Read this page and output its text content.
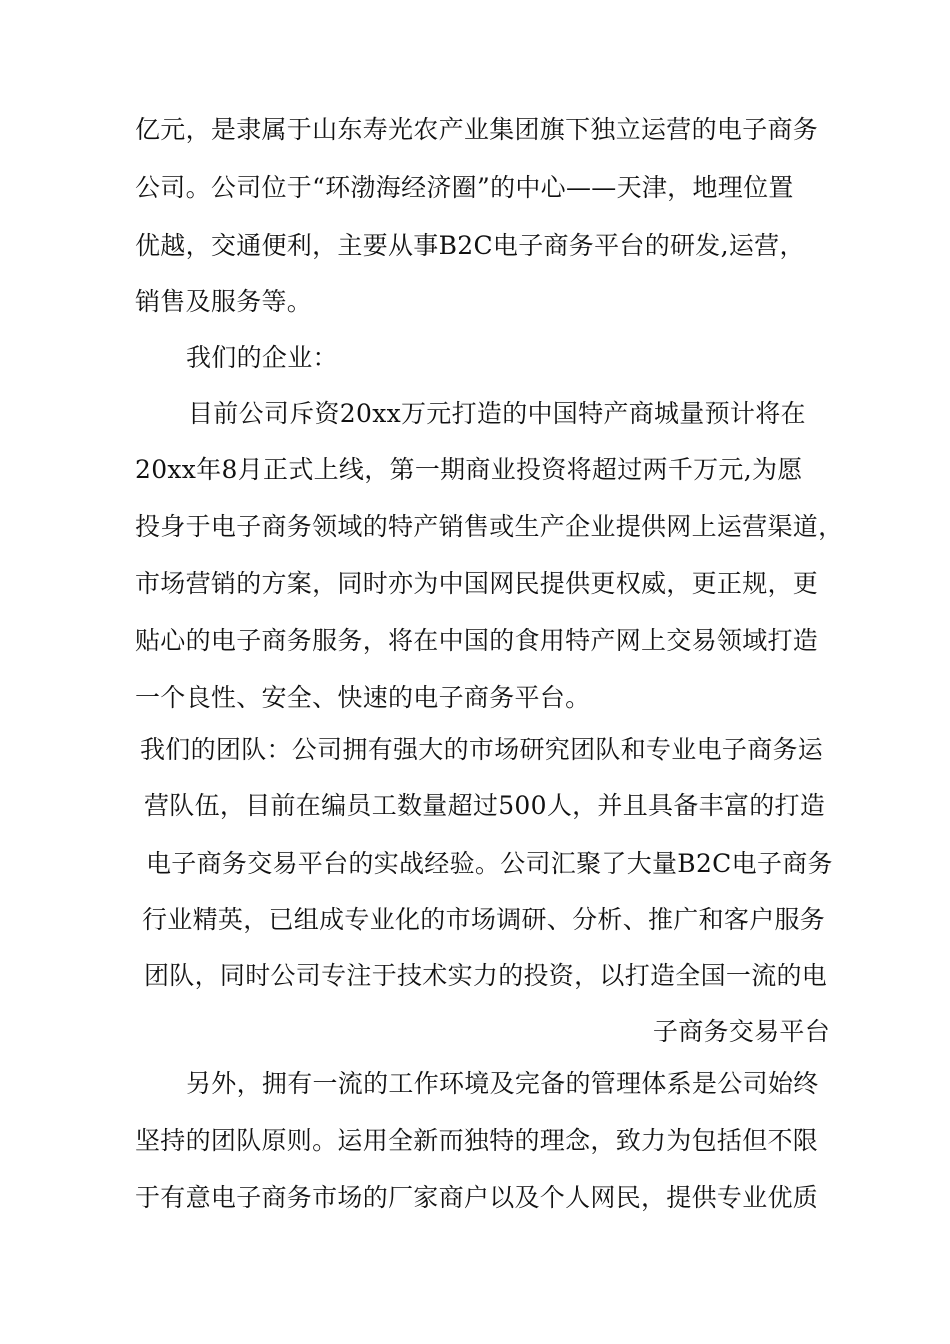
亿元，是隶属于山东寿光农产业集团旗下独立运营的电子商务
公司。公司位于“环渤海经济圈”的中心——天津，地理位置
优越，交通便利，主要从事B2C电子商务平台的研发,运营，
销售及服务等。
我们的企业：
目前公司斥资20xx万元打造的中国特产商城量预计将在
20xx年8月正式上线，第一期商业投资将超过两千万元,为愿
投身于电子商务领域的特产销售或生产企业提供网上运营渠道，
市场营销的方案，同时亦为中国网民提供更权威，更正规，更
贴心的电子商务服务，将在中国的食用特产网上交易领域打造
一个良性、安全、快速的电子商务平台。
我们的团队：公司拥有强大的市场研究团队和专业电子商务运
营队伍，目前在编员工数量超过500人，并且具备丰富的打造
电子商务交易平台的实战经验。公司汇聚了大量B2C电子商务
行业精英，已组成专业化的市场调研、分析、推广和客户服务
团队，同时公司专注于技术实力的投资，以打造全国一流的电
子商务交易平台
另外，拥有一流的工作环境及完备的管理体系是公司始终
坚持的团队原则。运用全新而独特的理念，致力为包括但不限
于有意电子商务市场的厂家商户以及个人网民，提供专业优质
